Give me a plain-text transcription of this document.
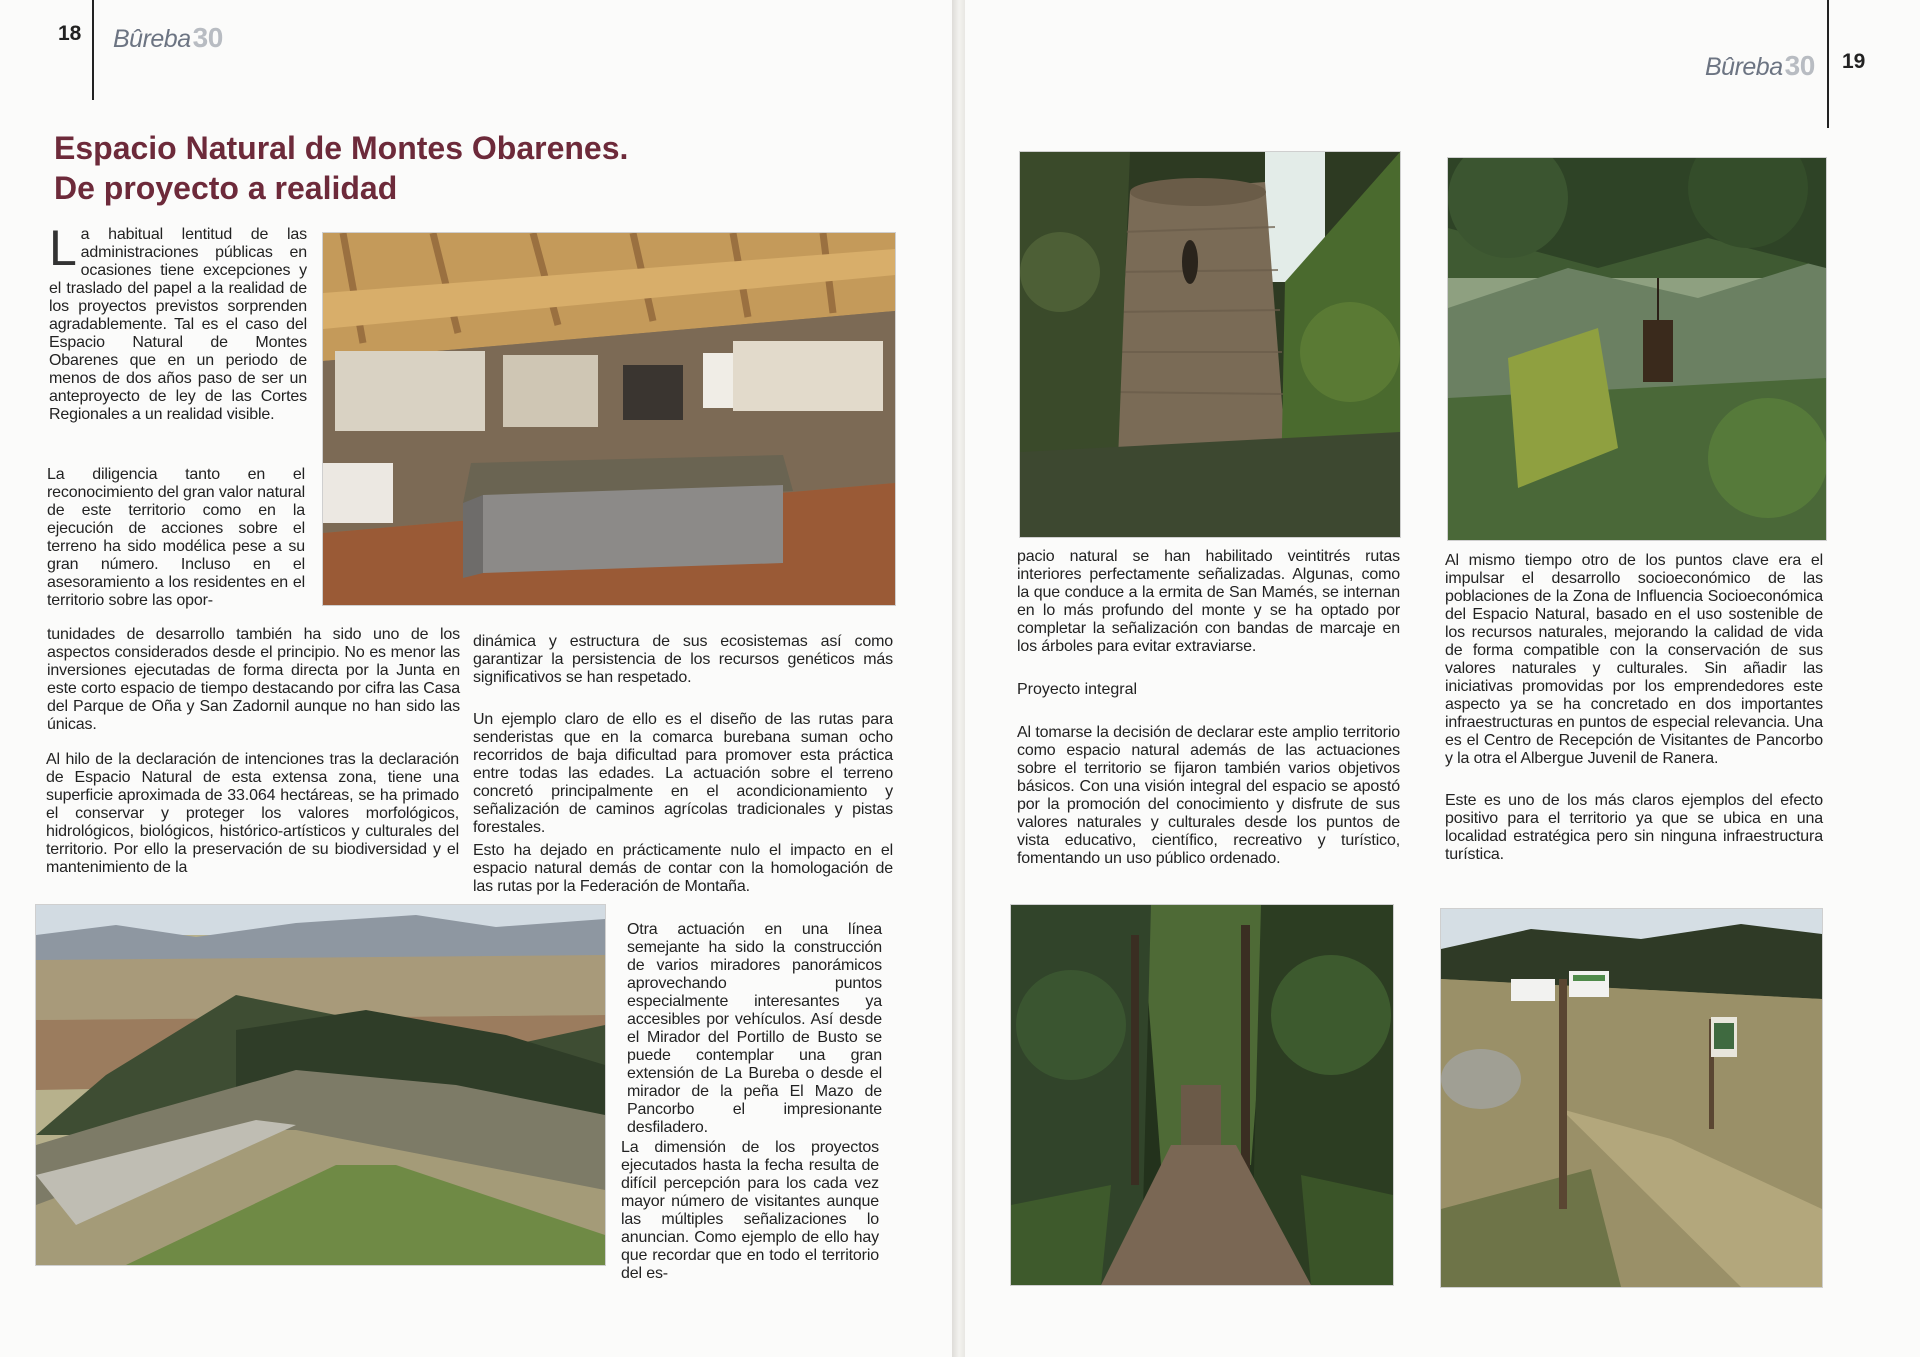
18 Bûreba30
Espacio Natural de Montes Obarenes.
De proyecto a realidad

La habitual lentitud de las administraciones públicas en ocasiones tiene excepciones y el traslado del papel a la realidad de los proyectos previstos sorprenden agradablemente. Tal es el caso del Espacio Natural de Montes Obarenes que en un periodo de menos de dos años paso de ser un anteproyecto de ley de las Cortes Regionales a un realidad visible.

La diligencia tanto en el reconocimiento del gran valor natural de este territorio como en la ejecución de acciones sobre el terreno ha sido modélica pese a su gran número. Incluso en el asesoramiento a los residentes en el territorio sobre las opor-

tunidades de desarrollo también ha sido uno de los aspectos considerados desde el principio. No es menor las inversiones ejecutadas de forma directa por la Junta en este corto espacio de tiempo destacando por cifra las Casa del Parque de Oña y San Zadornil aunque no han sido las únicas.

Al hilo de la declaración de intenciones tras la declaración de Espacio Natural de esta extensa zona, tiene una superficie aproximada de 33.064 hectáreas, se ha primado el conservar y proteger los valores morfológicos, hidrológicos, biológicos, histórico-artísticos y culturales del territorio. Por ello la preservación de su biodiversidad y el mantenimiento de la

dinámica y estructura de sus ecosistemas así como garantizar la persistencia de los recursos genéticos más significativos se han respetado.

Un ejemplo claro de ello es el diseño de las rutas para senderistas que en la comarca burebana suman ocho recorridos de baja dificultad para promover esta práctica entre todas las edades. La actuación sobre el terreno concretó principalmente en el acondicionamiento y señalización de caminos agrícolas tradicionales y pistas forestales.

Esto ha dejado en prácticamente nulo el impacto en el espacio natural demás de contar con la homologación de las rutas por la Federación de Montaña.

Otra actuación en una línea semejante ha sido la construcción de varios miradores panorámicos aprovechando puntos especialmente interesantes ya accesibles por vehículos. Así desde el Mirador del Portillo de Busto se puede contemplar una gran extensión de La Bureba o desde el mirador de la peña El Mazo de Pancorbo el impresionante desfiladero.

La dimensión de los proyectos ejecutados hasta la fecha resulta de difícil percepción para los cada vez mayor número de visitantes aunque las múltiples señalizaciones lo anuncian. Como ejemplo de ello hay que recordar que en todo el territorio del es-

Bûreba30 19

pacio natural se han habilitado veintitrés rutas interiores perfectamente señalizadas. Algunas, como la que conduce a la ermita de San Mamés, se internan en lo más profundo del monte y se ha optado por completar la señalización con bandas de marcaje en los árboles para evitar extraviarse.

Proyecto integral

Al tomarse la decisión de declarar este amplio territorio como espacio natural además de las actuaciones sobre el territorio se fijaron también varios objetivos básicos. Con una visión integral del espacio se apostó por la promoción del conocimiento y disfrute de sus valores naturales y culturales desde los puntos de vista educativo, científico, recreativo y turístico, fomentando un uso público ordenado.

Al mismo tiempo otro de los puntos clave era el impulsar el desarrollo socioeconómico de las poblaciones de la Zona de Influencia Socioeconómica del Espacio Natural, basado en el uso sostenible de los recursos naturales, mejorando la calidad de vida de forma compatible con la conservación de sus valores naturales y culturales. Sin añadir las iniciativas promovidas por los emprendedores este aspecto ya se ha concretado en dos importantes infraestructuras en puntos de especial relevancia. Una es el Centro de Recepción de Visitantes de Pancorbo y la otra el Albergue Juvenil de Ranera.

Este es uno de los más claros ejemplos del efecto positivo para el territorio ya que se ubica en una localidad estratégica pero sin ninguna infraestructura turística.
